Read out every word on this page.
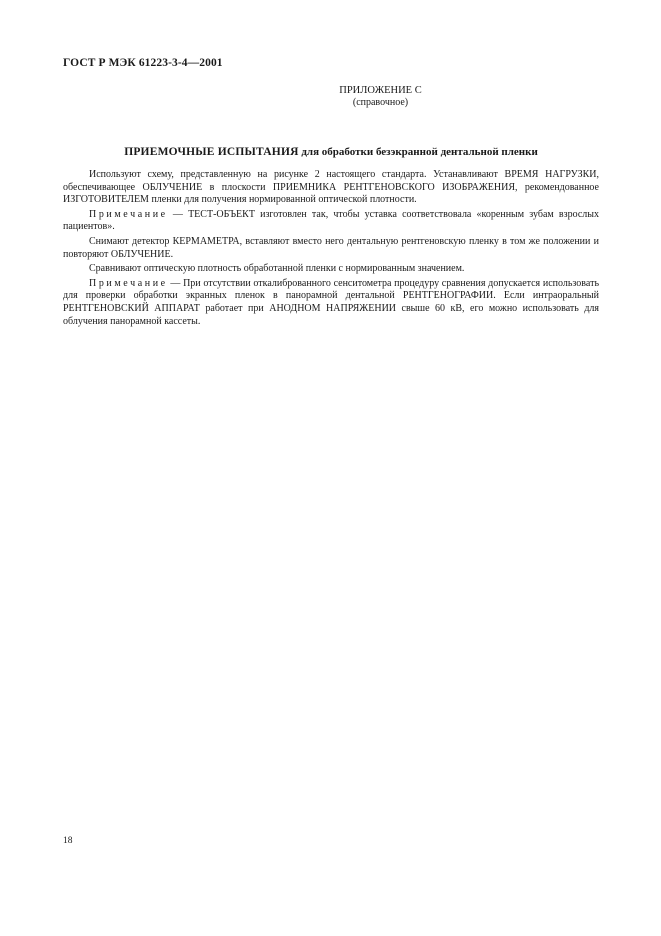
ГОСТ Р МЭК 61223-3-4—2001
ПРИЛОЖЕНИЕ С
(справочное)
ПРИЕМОЧНЫЕ ИСПЫТАНИЯ для обработки безэкранной дентальной пленки

Используют схему, представленную на рисунке 2 настоящего стандарта. Устанавливают ВРЕМЯ НАГРУЗКИ, обеспечивающее ОБЛУЧЕНИЕ в плоскости ПРИЕМНИКА РЕНТГЕНОВСКОГО ИЗОБРАЖЕНИЯ, рекомендованное ИЗГОТОВИТЕЛЕМ пленки для получения нормированной оптической плотности.

Примечание — ТЕСТ-ОБЪЕКТ изготовлен так, чтобы уставка соответствовала «коренным зубам взрослых пациентов».

Снимают детектор КЕРМАМЕТРА, вставляют вместо него дентальную рентгеновскую пленку в том же положении и повторяют ОБЛУЧЕНИЕ.

Сравнивают оптическую плотность обработанной пленки с нормированным значением.

Примечание — При отсутствии откалиброванного сенситометра процедуру сравнения допускается использовать для проверки обработки экранных пленок в панорамной дентальной РЕНТГЕНОГРАФИИ. Если интраоральный РЕНТГЕНОВСКИЙ АППАРАТ работает при АНОДНОМ НАПРЯЖЕНИИ свыше 60 кВ, его можно использовать для облучения панорамной кассеты.

18
